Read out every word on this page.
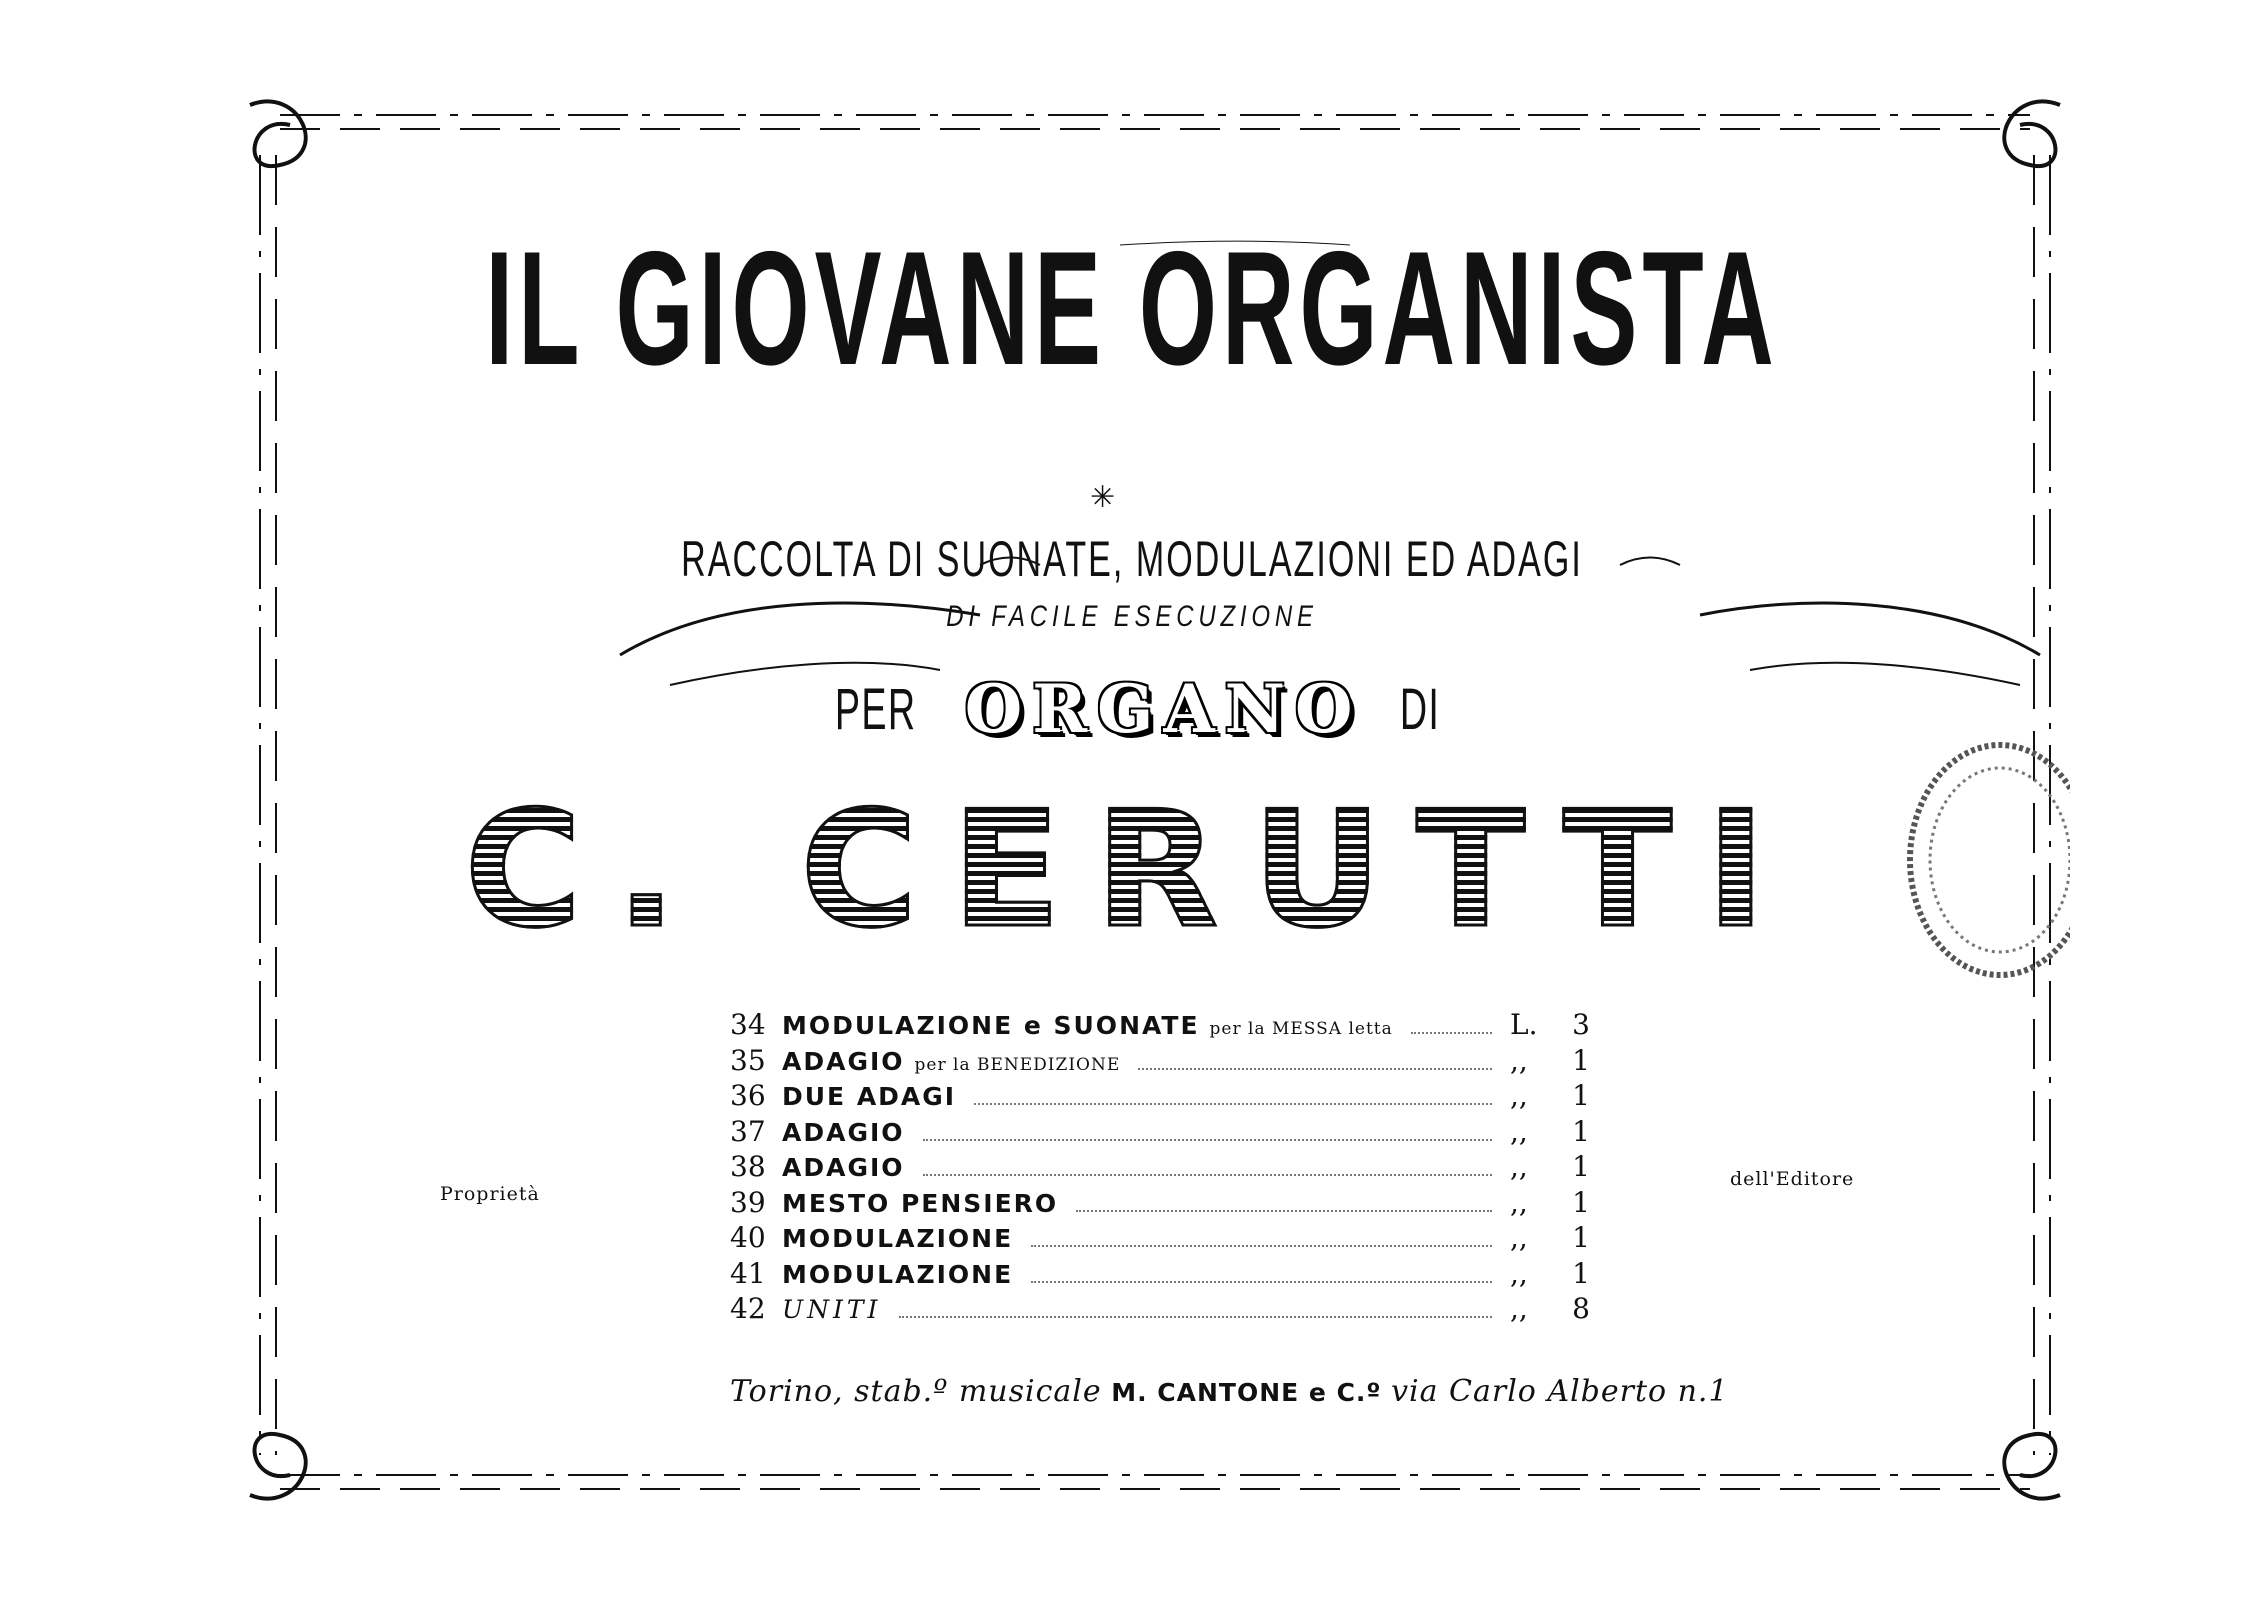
IL GIOVANE ORGANISTA
✳
RACCOLTA DI SUONATE, MODULAZIONI ED ADAGI
DI FACILE ESECUZIONE
PER ORGANO DI
C. CERUTTI
34 MODULAZIONE e SUONATE per la MESSA letta	L.	3
35 ADAGIO per la BENEDIZIONE	,,	1
36 DUE ADAGI	,,	1
37 ADAGIO	,,	1
38 ADAGIO	,,	1
39 MESTO PENSIERO	,,	1
40 MODULAZIONE	,,	1
41 MODULAZIONE	,,	1
42 UNITI	,,	8
Proprietà
dell'Editore
Torino, stab.º musicale M. CANTONE e C.º via Carlo Alberto n.1
